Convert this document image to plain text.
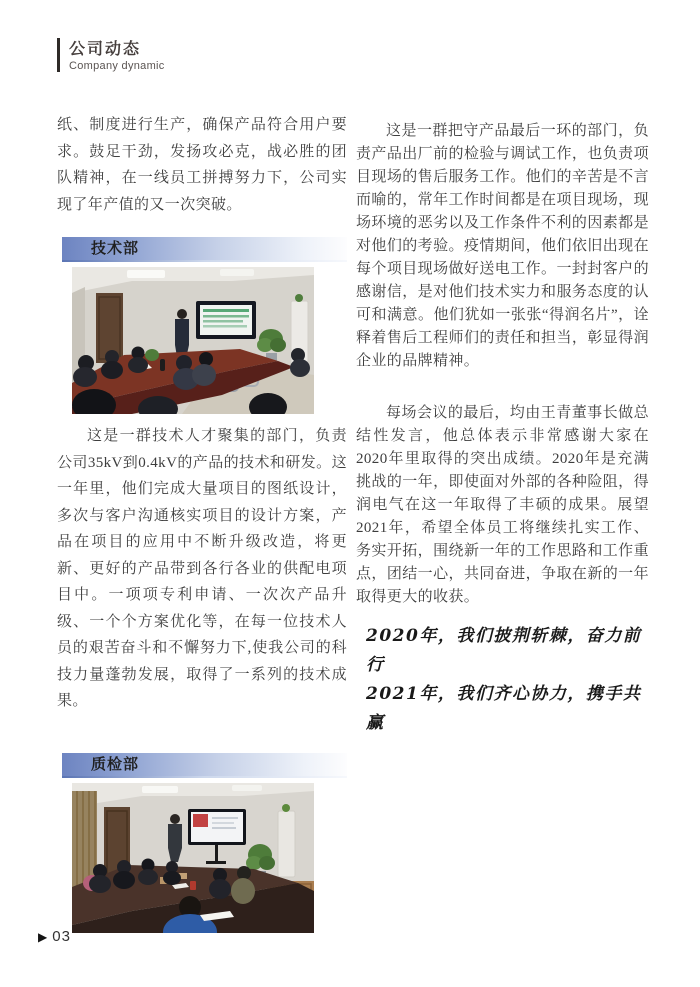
公司动态

Company dynamic

纸、制度进行生产，确保产品符合用户要求。鼓足干劲，发扬攻必克，战必胜的团队精神，在一线员工拼搏努力下，公司实现了年产值的又一次突破。

技术部

这是一群技术人才聚集的部门，负责公司35kV到0.4kV的产品的技术和研发。这一年里，他们完成大量项目的图纸设计，多次与客户沟通核实项目的设计方案，产品在项目的应用中不断升级改造，将更新、更好的产品带到各行各业的供配电项目中。一项项专利申请、一次次产品升级、一个个方案优化等，在每一位技术人员的艰苦奋斗和不懈努力下,使我公司的科技力量蓬勃发展，取得了一系列的技术成果。

质检部

这是一群把守产品最后一环的部门，负责产品出厂前的检验与调试工作，也负责项目现场的售后服务工作。他们的辛苦是不言而喻的，常年工作时间都是在项目现场，现场环境的恶劣以及工作条件不利的因素都是对他们的考验。疫情期间，他们依旧出现在每个项目现场做好送电工作。一封封客户的感谢信，是对他们技术实力和服务态度的认可和满意。他们犹如一张张“得润名片”，诠释着售后工程师们的责任和担当，彰显得润企业的品牌精神。

每场会议的最后，均由王青董事长做总结性发言，他总体表示非常感谢大家在2020年里取得的突出成绩。2020年是充满挑战的一年，即使面对外部的各种险阻，得润电气在这一年取得了丰硕的成果。展望2021年，希望全体员工将继续扎实工作、务实开拓，围绕新一年的工作思路和工作重点，团结一心，共同奋进，争取在新的一年取得更大的收获。

2020年，我们披荆斩棘，奋力前行

2021年，我们齐心协力，携手共赢

▶ 03
